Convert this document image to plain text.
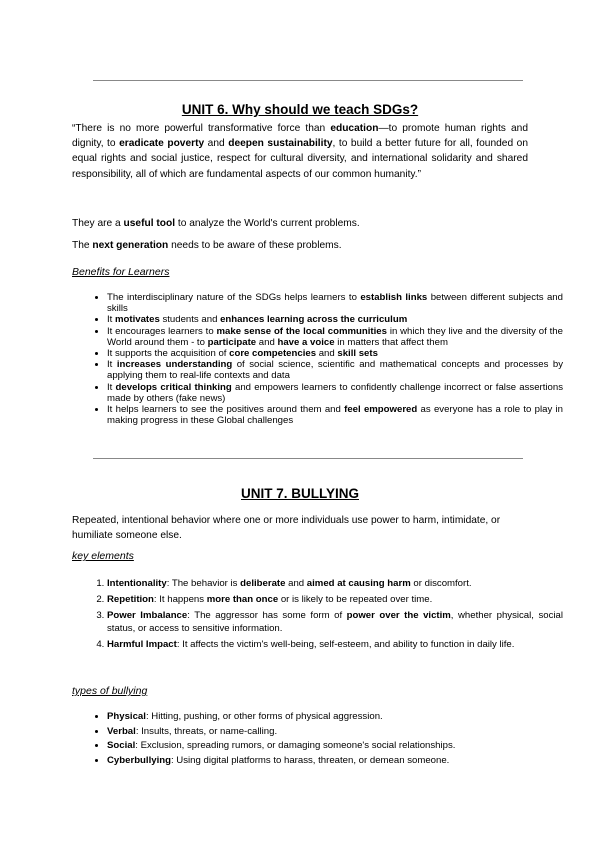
UNIT 6. Why should we teach SDGs?
“There is no more powerful transformative force than education—to promote human rights and dignity, to eradicate poverty and deepen sustainability, to build a better future for all, founded on equal rights and social justice, respect for cultural diversity, and international solidarity and shared responsibility, all of which are fundamental aspects of our common humanity.”
They are a useful tool to analyze the World's current problems.
The next generation needs to be aware of these problems.
Benefits for Learners
• The interdisciplinary nature of the SDGs helps learners to establish links between different subjects and skills
• It motivates students and enhances learning across the curriculum
• It encourages learners to make sense of the local communities in which they live and the diversity of the World around them - to participate and have a voice in matters that affect them
• It supports the acquisition of core competencies and skill sets
• It increases understanding of social science, scientific and mathematical concepts and processes by applying them to real-life contexts and data
• It develops critical thinking and empowers learners to confidently challenge incorrect or false assertions made by others (fake news)
• It helps learners to see the positives around them and feel empowered as everyone has a role to play in making progress in these Global challenges
UNIT 7. BULLYING
Repeated, intentional behavior where one or more individuals use power to harm, intimidate, or humiliate someone else.
key elements
1. Intentionality: The behavior is deliberate and aimed at causing harm or discomfort.
2. Repetition: It happens more than once or is likely to be repeated over time.
3. Power Imbalance: The aggressor has some form of power over the victim, whether physical, social status, or access to sensitive information.
4. Harmful Impact: It affects the victim's well-being, self-esteem, and ability to function in daily life.
types of bullying
• Physical: Hitting, pushing, or other forms of physical aggression.
• Verbal: Insults, threats, or name-calling.
• Social: Exclusion, spreading rumors, or damaging someone's social relationships.
• Cyberbullying: Using digital platforms to harass, threaten, or demean someone.
